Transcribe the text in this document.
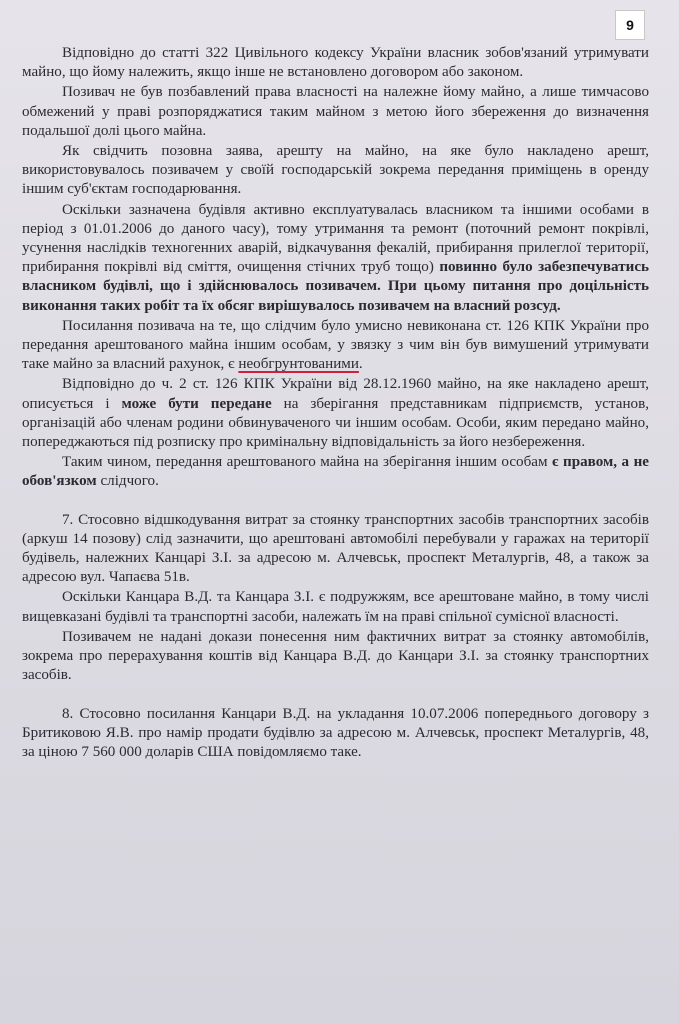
9

Відповідно до статті 322 Цивільного кодексу України власник зобов'язаний утримувати майно, що йому належить, якщо інше не встановлено договором або законом.

Позивач не був позбавлений права власності на належне йому майно, а лише тимчасово обмежений у праві розпоряджатися таким майном з метою його збереження до визначення подальшої долі цього майна.

Як свідчить позовна заява, арешту на майно, на яке було накладено арешт, використовувалось позивачем у своїй господарській зокрема передання приміщень в оренду іншим суб'єктам господарювання.

Оскільки зазначена будівля активно експлуатувалась власником та іншими особами в період з 01.01.2006 до даного часу), тому утримання та ремонт (поточний ремонт покрівлі, усунення наслідків техногенних аварій, відкачування фекалій, прибирання прилеглої території, прибирання покрівлі від сміття, очищення стічних труб тощо) повинно було забезпечуватись власником будівлі, що і здійснювалось позивачем. При цьому питання про доцільність виконання таких робіт та їх обсяг вирішувалось позивачем на власний розсуд.

Посилання позивача на те, що слідчим було умисно невиконана ст. 126 КПК України про передання арештованого майна іншим особам, у звязку з чим він був вимушений утримувати таке майно за власний рахунок, є необгрунтованими.

Відповідно до ч. 2 ст. 126 КПК України від 28.12.1960 майно, на яке накладено арешт, описується і може бути передане на зберігання представникам підприємств, установ, організацій або членам родини обвинуваченого чи іншим особам. Особи, яким передано майно, попереджаються під розписку про кримінальну відповідальність за його незбереження.

Таким чином, передання арештованого майна на зберігання іншим особам є правом, а не обов'язком слідчого.

7. Стосовно відшкодування витрат за стоянку транспортних засобів транспортних засобів (аркуш 14 позову) слід зазначити, що арештовані автомобілі перебували у гаражах на території будівель, належних Канцарі З.І. за адресою м. Алчевськ, проспект Металургів, 48, а також за адресою вул. Чапаєва 51в.

Оскільки Канцара В.Д. та Канцара З.І. є подружжям, все арештоване майно, в тому числі вищевказані будівлі та транспортні засоби, належать їм на праві спільної сумісної власності.

Позивачем не надані докази понесення ним фактичних витрат за стоянку автомобілів, зокрема про перерахування коштів від Канцара В.Д. до Канцари З.І. за стоянку транспортних засобів.

8. Стосовно посилання Канцари В.Д. на укладання 10.07.2006 попереднього договору з Бритиковою Я.В. про намір продати будівлю за адресою м. Алчевськ, проспект Металургів, 48, за ціною 7 560 000 доларів США повідомляємо таке.
